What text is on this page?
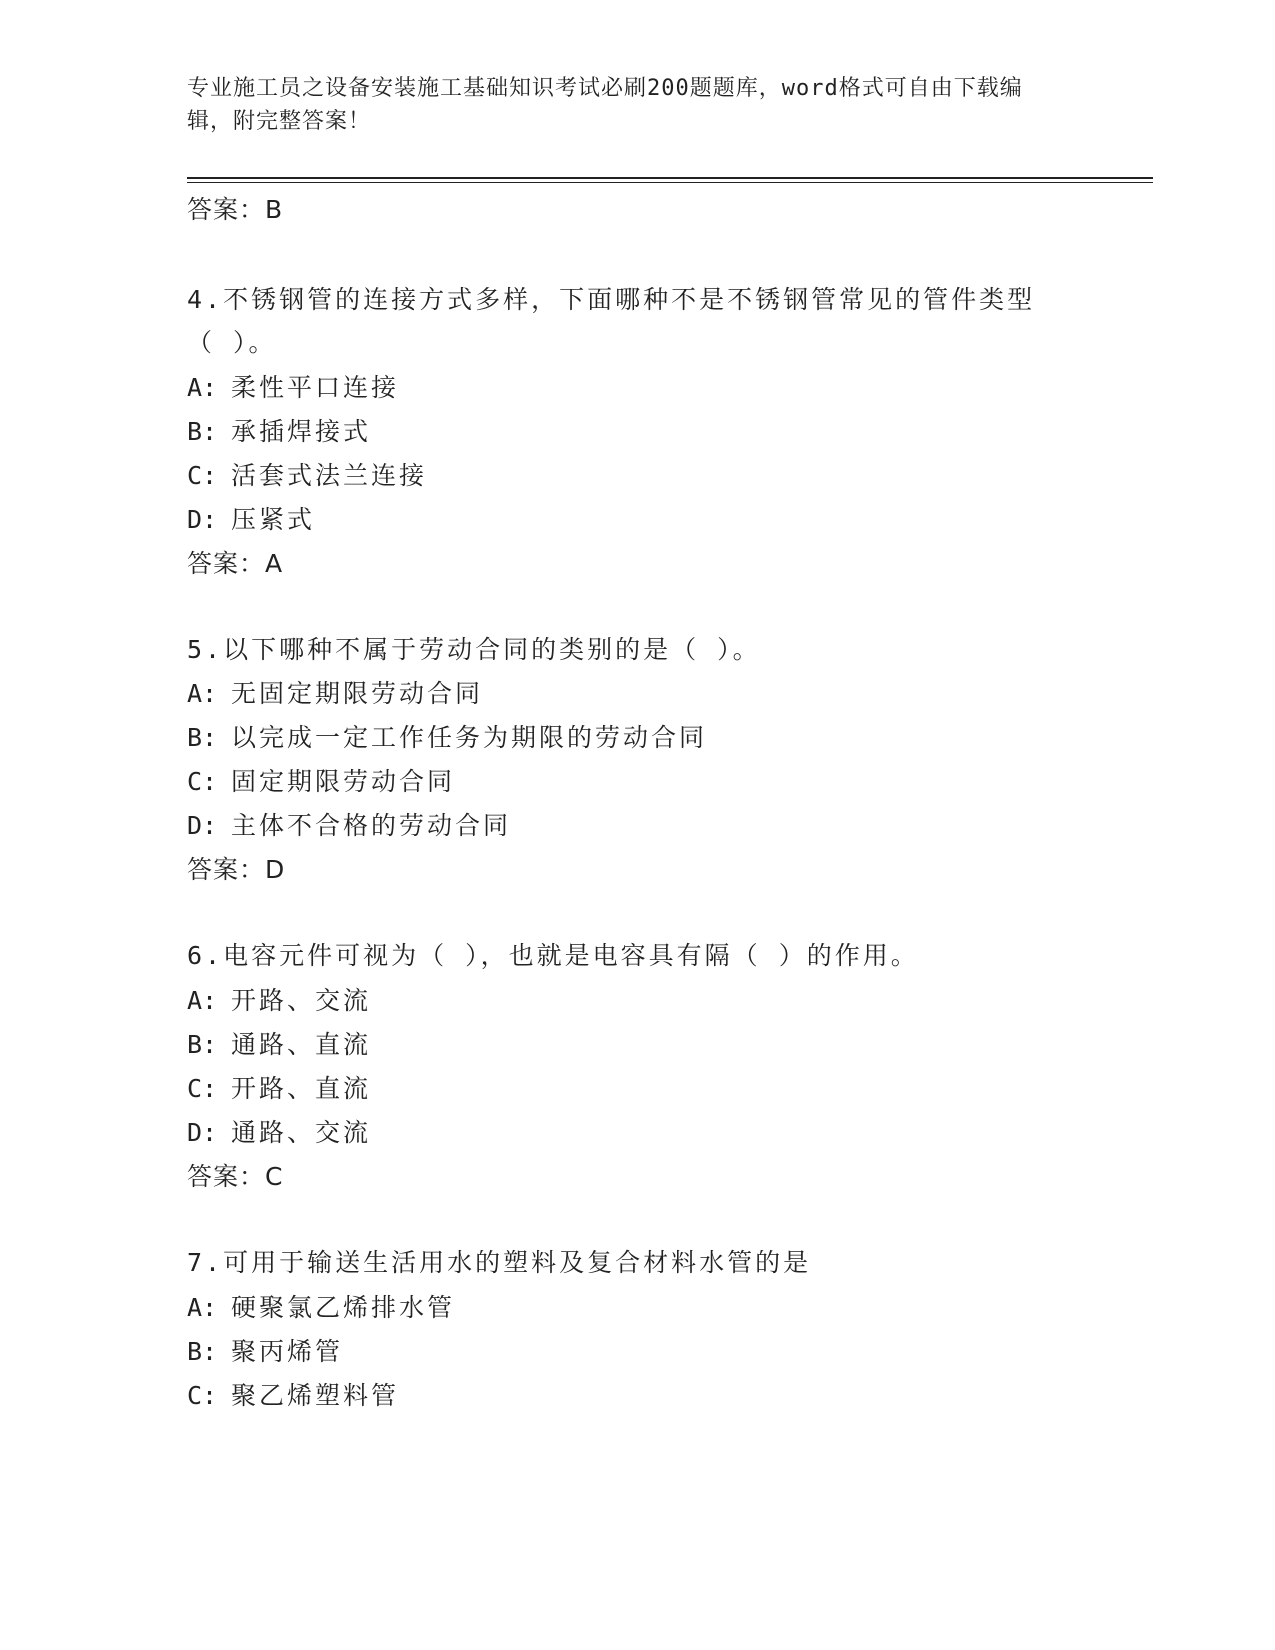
专业施工员之设备安装施工基础知识考试必刷200题题库，word格式可自由下载编辑，附完整答案！
答案：B
4.不锈钢管的连接方式多样，下面哪种不是不锈钢管常见的管件类型
（ ）。
A: 柔性平口连接
B: 承插焊接式
C: 活套式法兰连接
D: 压紧式
答案：A
5.以下哪种不属于劳动合同的类别的是（ ）。
A: 无固定期限劳动合同
B: 以完成一定工作任务为期限的劳动合同
C: 固定期限劳动合同
D: 主体不合格的劳动合同
答案：D
6.电容元件可视为（ ），也就是电容具有隔（ ）的作用。
A: 开路、交流
B: 通路、直流
C: 开路、直流
D: 通路、交流
答案：C
7.可用于输送生活用水的塑料及复合材料水管的是
A: 硬聚氯乙烯排水管
B: 聚丙烯管
C: 聚乙烯塑料管
